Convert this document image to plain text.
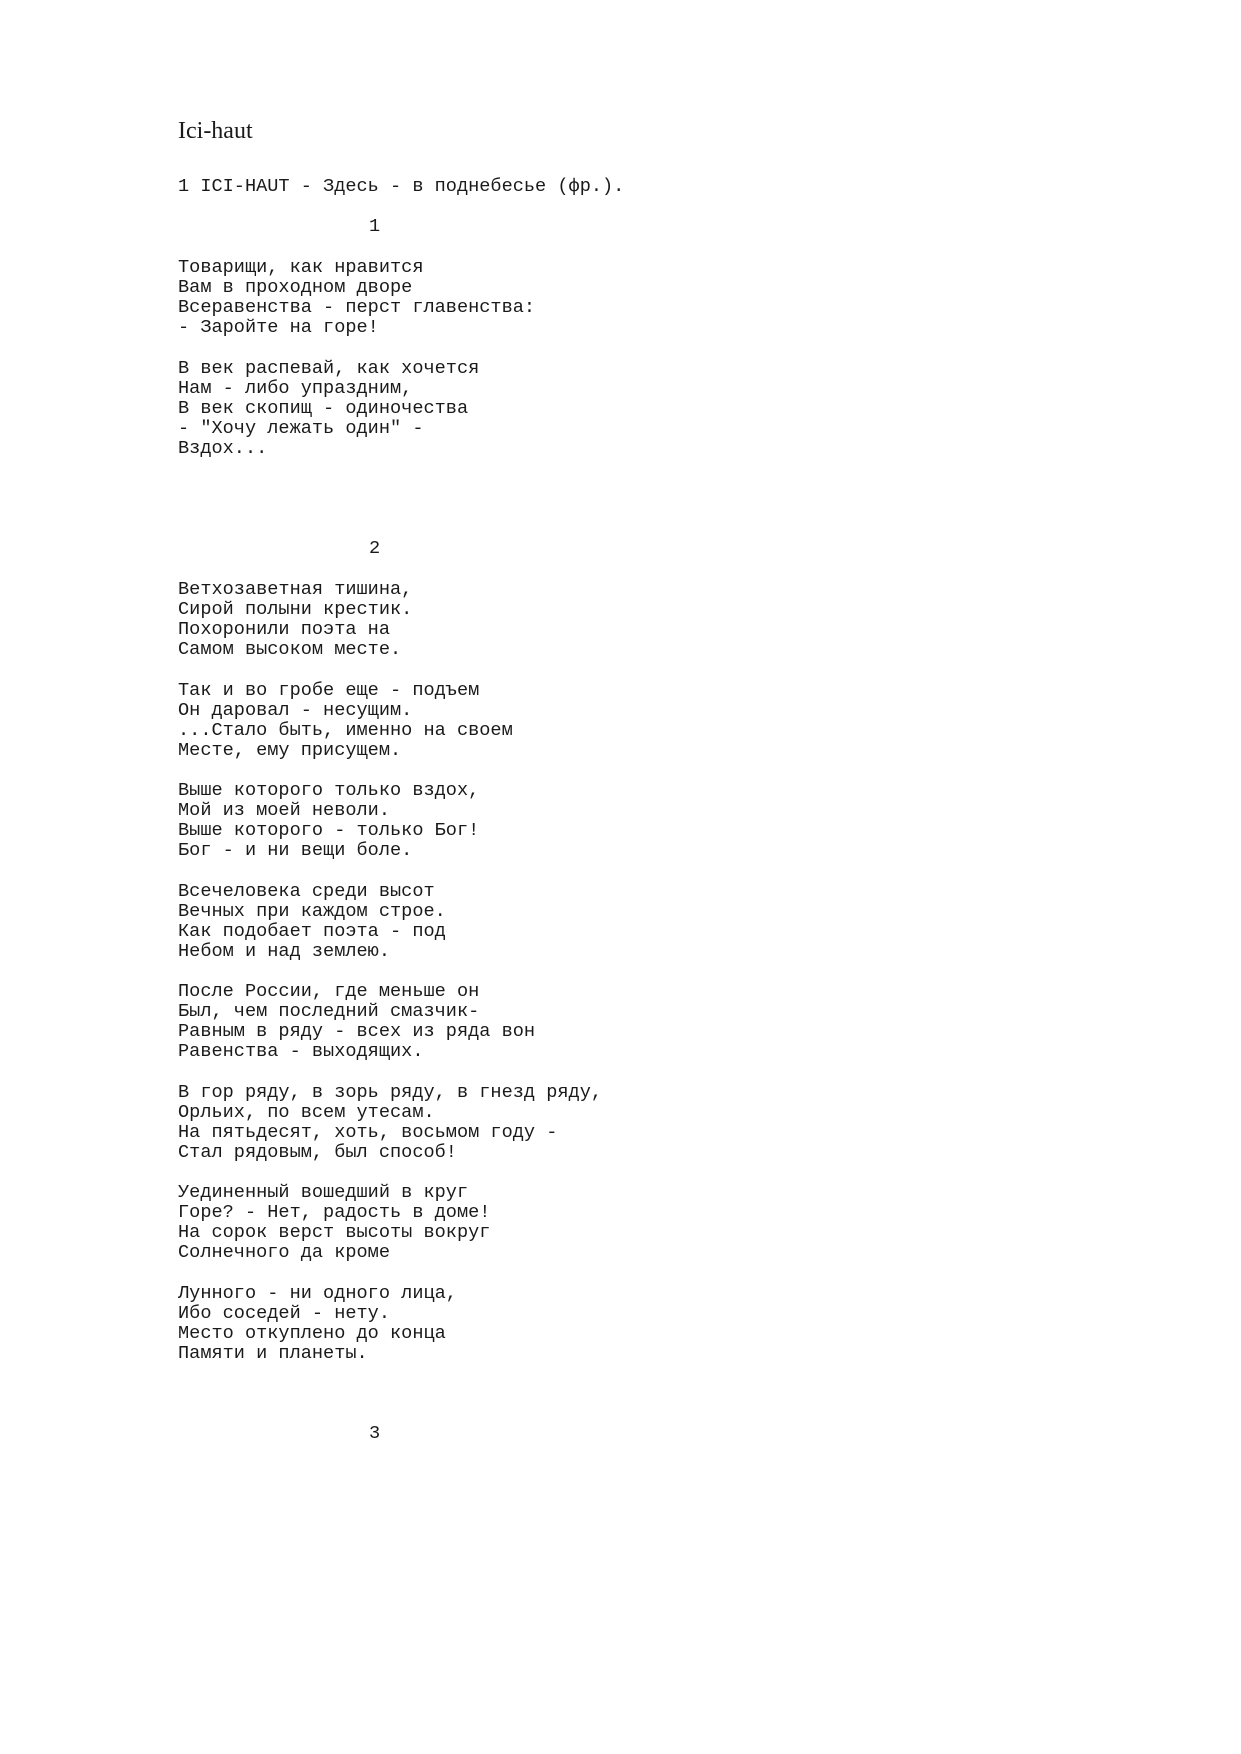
Ici-haut

1 ICI-HAUT - Здесь - в поднебесье (фр.).

1

Товарищи, как нравится

Вам в проходном дворе

Всеравенства - перст главенства:

- Заройте на горе!

В век распевай, как хочется

Нам - либо упраздним,

В век скопищ - одиночества

- "Хочу лежать один" -

Вздох...

2

Ветхозаветная тишина,

Сирой полыни крестик.

Похоронили поэта на

Самом высоком месте.

Так и во гробе еще - подъем

Он даровал - несущим.

...Стало быть, именно на своем

Месте, ему присущем.

Выше которого только вздох,

Мой из моей неволи.

Выше которого - только Бог!

Бог - и ни вещи боле.

Всечеловека среди высот

Вечных при каждом строе.

Как подобает поэта - под

Небом и над землею.

После России, где меньше он

Был, чем последний смазчик-

Равным в ряду - всех из ряда вон

Равенства - выходящих.

В гор ряду, в зорь ряду, в гнезд ряду,

Орльих, по всем утесам.

На пятьдесят, хоть, восьмом году -

Стал рядовым, был способ!

Уединенный вошедший в круг

Горе? - Нет, радость в доме!

На сорок верст высоты вокруг

Солнечного да кроме

Лунного - ни одного лица,

Ибо соседей - нету.

Место откуплено до конца

Памяти и планеты.

3
